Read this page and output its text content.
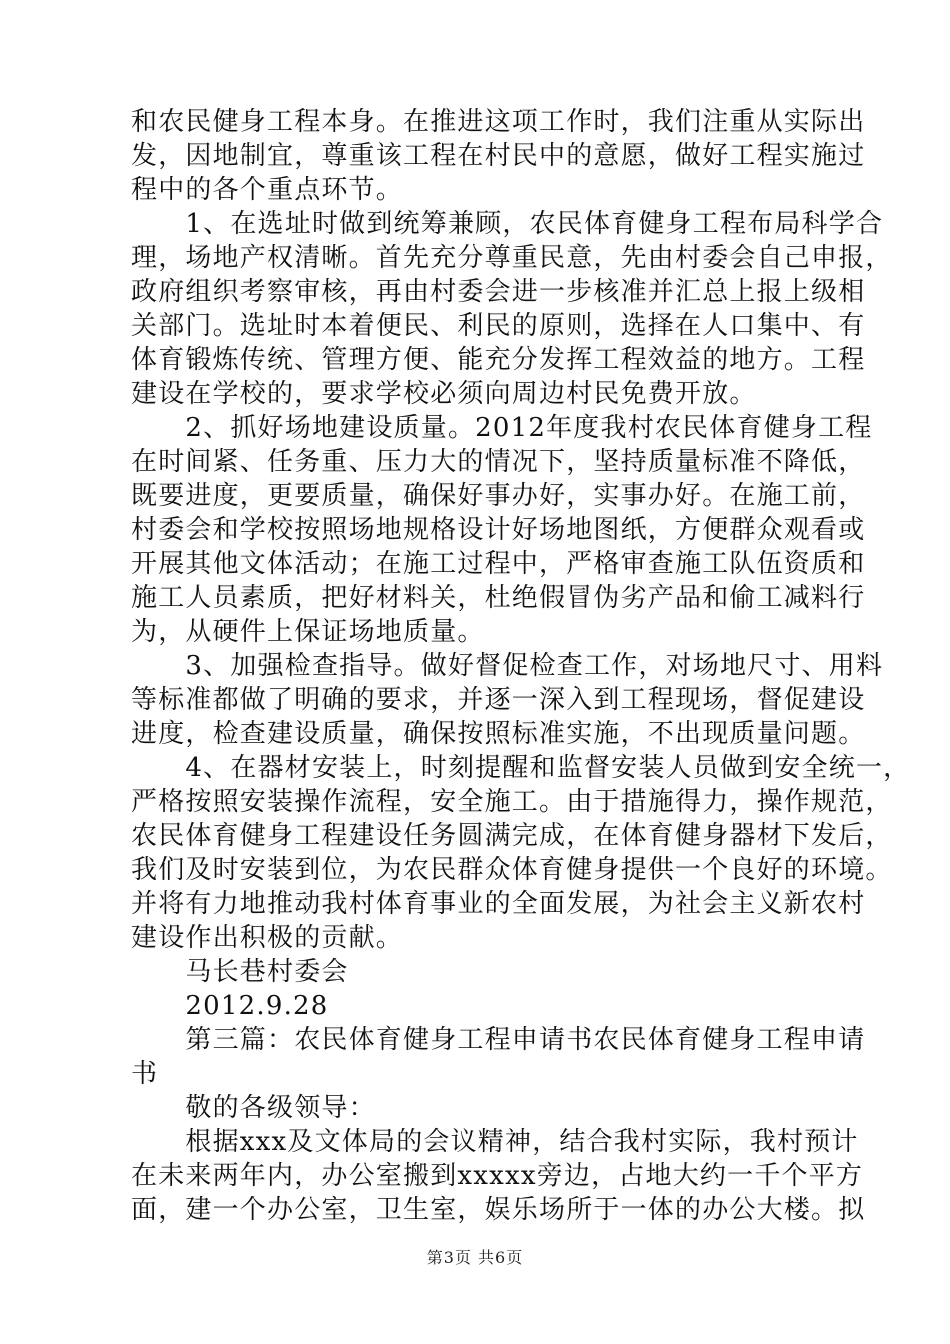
和农民健身工程本身。在推进这项工作时，我们注重从实际出
发，因地制宜，尊重该工程在村民中的意愿，做好工程实施过
程中的各个重点环节。
　　1、在选址时做到统筹兼顾，农民体育健身工程布局科学合
理，场地产权清晰。首先充分尊重民意，先由村委会自己申报，
政府组织考察审核，再由村委会进一步核准并汇总上报上级相
关部门。选址时本着便民、利民的原则，选择在人口集中、有
体育锻炼传统、管理方便、能充分发挥工程效益的地方。工程
建设在学校的，要求学校必须向周边村民免费开放。
　　2、抓好场地建设质量。2012年度我村农民体育健身工程
在时间紧、任务重、压力大的情况下，坚持质量标准不降低，
既要进度，更要质量，确保好事办好，实事办好。在施工前，
村委会和学校按照场地规格设计好场地图纸，方便群众观看或
开展其他文体活动；在施工过程中，严格审查施工队伍资质和
施工人员素质，把好材料关，杜绝假冒伪劣产品和偷工减料行
为，从硬件上保证场地质量。
　　3、加强检查指导。做好督促检查工作，对场地尺寸、用料
等标准都做了明确的要求，并逐一深入到工程现场，督促建设
进度，检查建设质量，确保按照标准实施，不出现质量问题。
　　4、在器材安装上，时刻提醒和监督安装人员做到安全统一，
严格按照安装操作流程，安全施工。由于措施得力，操作规范，
农民体育健身工程建设任务圆满完成，在体育健身器材下发后，
我们及时安装到位，为农民群众体育健身提供一个良好的环境。
并将有力地推动我村体育事业的全面发展，为社会主义新农村
建设作出积极的贡献。
　　马长巷村委会
　　2012.9.28
　　第三篇：农民体育健身工程申请书农民体育健身工程申请
书
　　敬的各级领导：
　　根据xxx及文体局的会议精神，结合我村实际，我村预计
在未来两年内，办公室搬到xxxxx旁边，占地大约一千个平方
面，建一个办公室，卫生室，娱乐场所于一体的办公大楼。拟
第3页 共6页
